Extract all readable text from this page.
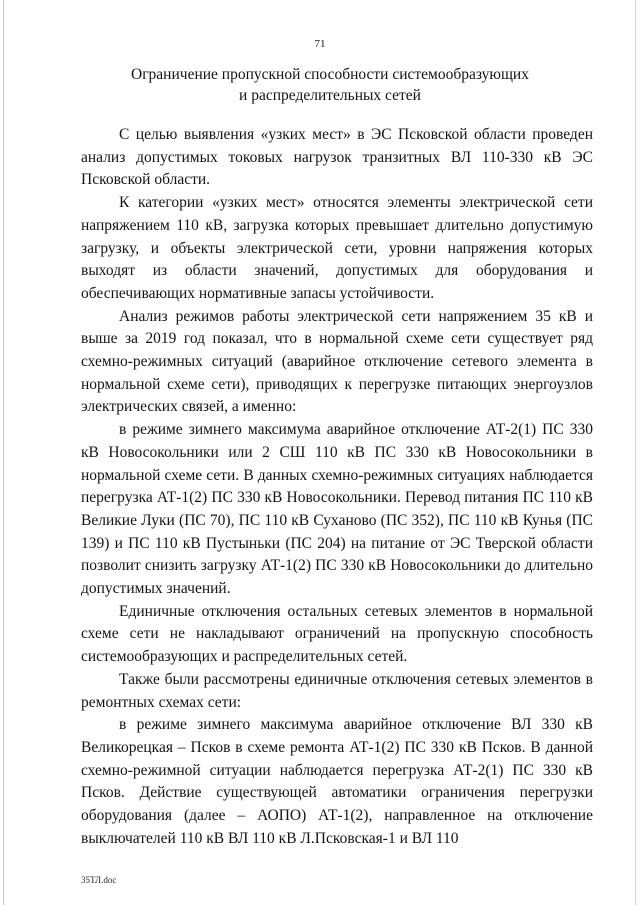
71
Ограничение пропускной способности системообразующих
и распределительных сетей

С целью выявления «узких мест» в ЭС Псковской области проведен анализ допустимых токовых нагрузок транзитных ВЛ 110-330 кВ ЭС Псковской области.

К категории «узких мест» относятся элементы электрической сети напряжением 110 кВ, загрузка которых превышает длительно допустимую загрузку, и объекты электрической сети, уровни напряжения которых выходят из области значений, допустимых для оборудования и обеспечивающих нормативные запасы устойчивости.

Анализ режимов работы электрической сети напряжением 35 кВ и выше за 2019 год показал, что в нормальной схеме сети существует ряд схемно-режимных ситуаций (аварийное отключение сетевого элемента в нормальной схеме сети), приводящих к перегрузке питающих энергоузлов электрических связей, а именно:

в режиме зимнего максимума аварийное отключение АТ-2(1) ПС 330 кВ Новосокольники или 2 СШ 110 кВ ПС 330 кВ Новосокольники в нормальной схеме сети. В данных схемно-режимных ситуациях наблюдается перегрузка АТ-1(2) ПС 330 кВ Новосокольники. Перевод питания ПС 110 кВ Великие Луки (ПС 70), ПС 110 кВ Суханово (ПС 352), ПС 110 кВ Кунья (ПС 139) и ПС 110 кВ Пустыньки (ПС 204) на питание от ЭС Тверской области позволит снизить загрузку АТ-1(2) ПС 330 кВ Новосокольники до длительно допустимых значений.

Единичные отключения остальных сетевых элементов в нормальной схеме сети не накладывают ограничений на пропускную способность системообразующих и распределительных сетей.

Также были рассмотрены единичные отключения сетевых элементов в ремонтных схемах сети:

в режиме зимнего максимума аварийное отключение ВЛ 330 кВ Великорецкая – Псков в схеме ремонта АТ-1(2) ПС 330 кВ Псков. В данной схемно-режимной ситуации наблюдается перегрузка АТ-2(1) ПС 330 кВ Псков. Действие существующей автоматики ограничения перегрузки оборудования (далее – АОПО) АТ-1(2), направленное на отключение выключателей 110 кВ ВЛ 110 кВ Л.Псковская-1 и ВЛ 110

35ТЛ.doc
